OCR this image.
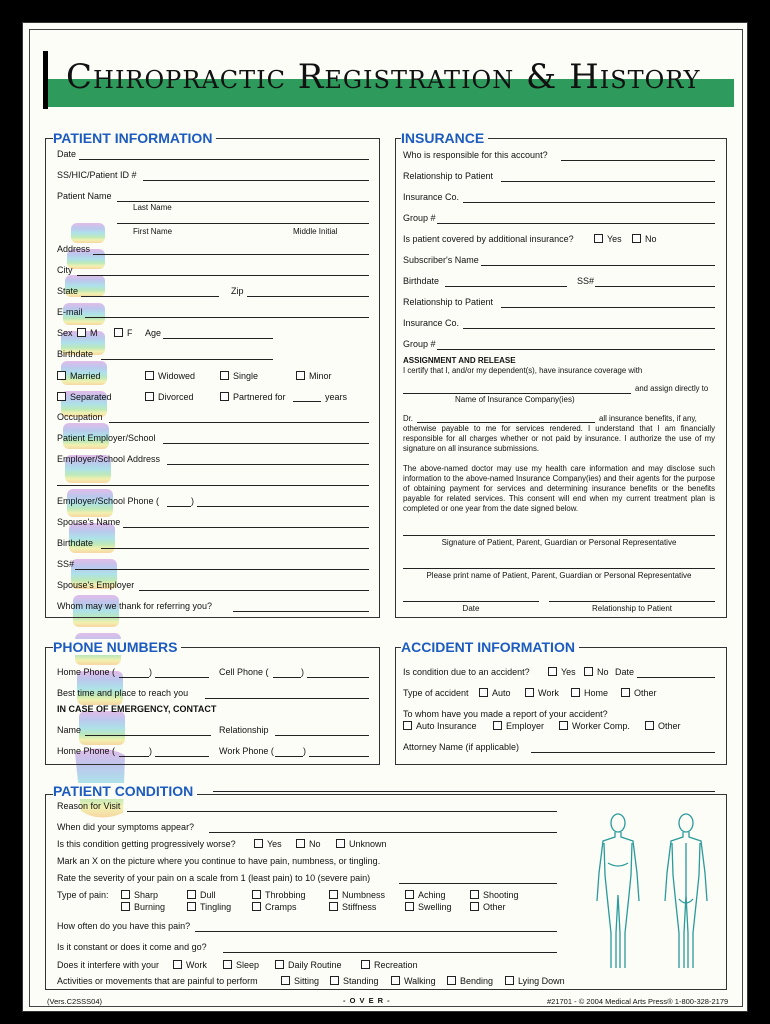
Chiropractic Registration & History
PATIENT INFORMATION
Date
SS/HIC/Patient ID #
Patient Name
Last Name
First Name	Middle Initial
Address
City
State	Zip
E-mail
Sex M	F Age
Birthdate
Married	Widowed	Single	Minor
Separated	Divorced	Partnered for	years
Occupation
Patient Employer/School
Employer/School Address
Employer/School Phone (	)
Spouse's Name
Birthdate
SS#
Spouse's Employer
Whom may we thank for referring you?
INSURANCE
Who is responsible for this account?
Relationship to Patient
Insurance Co.
Group #
Is patient covered by additional insurance?	Yes	No
Subscriber's Name
Birthdate	SS#
Relationship to Patient
Insurance Co.
Group #
ASSIGNMENT AND RELEASE
I certify that I, and/or my dependent(s), have insurance coverage with
and assign directly to
Name of Insurance Company(ies)
Dr.	all insurance benefits, if any,
otherwise payable to me for services rendered. I understand that I am financially responsible for all charges whether or not paid by insurance. I authorize the use of my signature on all insurance submissions.
The above-named doctor may use my health care information and may disclose such information to the above-named Insurance Company(ies) and their agents for the purpose of obtaining payment for services and determining insurance benefits or the benefits payable for related services. This consent will end when my current treatment plan is completed or one year from the date signed below.
Signature of Patient, Parent, Guardian or Personal Representative
Please print name of Patient, Parent, Guardian or Personal Representative
Date	Relationship to Patient
PHONE NUMBERS
Home Phone (	)	Cell Phone (	)
Best time and place to reach you
IN CASE OF EMERGENCY, CONTACT
Name	Relationship
Home Phone (	)	Work Phone (	)
ACCIDENT INFORMATION
Is condition due to an accident?	Yes No Date
Type of accident	Auto	Work	Home	Other
To whom have you made a report of your accident?
Auto Insurance	Employer	Worker Comp.	Other
Attorney Name (if applicable)
PATIENT CONDITION
Reason for Visit
When did your symptoms appear?
Is this condition getting progressively worse?	Yes	No	Unknown
Mark an X on the picture where you continue to have pain, numbness, or tingling.
Rate the severity of your pain on a scale from 1 (least pain) to 10 (severe pain)
Type of pain:	Sharp	Dull	Throbbing	Numbness	Aching	Shooting
Burning	Tingling	Cramps	Stiffness	Swelling	Other
How often do you have this pain?
Is it constant or does it come and go?
Does it interfere with your	Work	Sleep	Daily Routine	Recreation
Activities or movements that are painful to perform	Sitting	Standing	Walking	Bending	Lying Down
(Vers.C2SSS04)	- O V E R -	#21701 - © 2004 Medical Arts Press® 1-800-328-2179
